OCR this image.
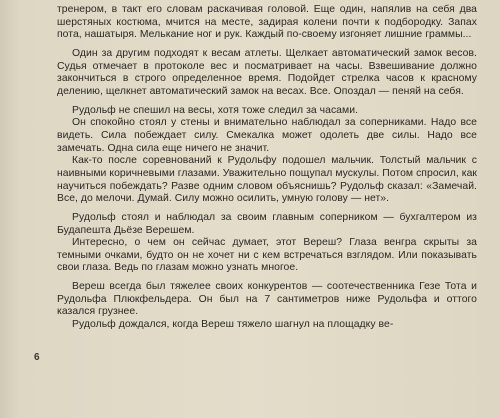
тренером, в такт его словам раскачивая головой. Еще один, напялив на себя два шерстяных костюма, мчится на месте, задирая колени почти к подбородку. Запах пота, нашатыря. Мелькание ног и рук. Каждый по-своему изгоняет лишние граммы...

Один за другим подходят к весам атлеты. Щелкает автоматический замок весов. Судья отмечает в протоколе вес и посматривает на часы. Взвешивание должно закончиться в строго определенное время. Подойдет стрелка часов к красному делению, щелкнет автоматический замок на весах. Все. Опоздал — пеняй на себя.

Рудольф не спешил на весы, хотя тоже следил за часами.

Он спокойно стоял у стены и внимательно наблюдал за соперниками. Надо все видеть. Сила побеждает силу. Смекалка может одолеть две силы. Надо все замечать. Одна сила еще ничего не значит.

Как-то после соревнований к Рудольфу подошел мальчик. Толстый мальчик с наивными коричневыми глазами. Уважительно пощупал мускулы. Потом спросил, как научиться побеждать? Разве одним словом объяснишь? Рудольф сказал: «Замечай. Все, до мелочи. Думай. Силу можно осилить, умную голову — нет».

Рудольф стоял и наблюдал за своим главным соперником — бухгалтером из Будапешта Дьёзе Верешем.

Интересно, о чем он сейчас думает, этот Вереш? Глаза венгра скрыты за темными очками, будто он не хочет ни с кем встречаться взглядом. Или показывать свои глаза. Ведь по глазам можно узнать многое.

Вереш всегда был тяжелее своих конкурентов — соотечественника Гезе Тота и Рудольфа Плюкфельдера. Он был на 7 сантиметров ниже Рудольфа и оттого казался грузнее.

Рудольф дождался, когда Вереш тяжело шагнул на площадку ве-

6
